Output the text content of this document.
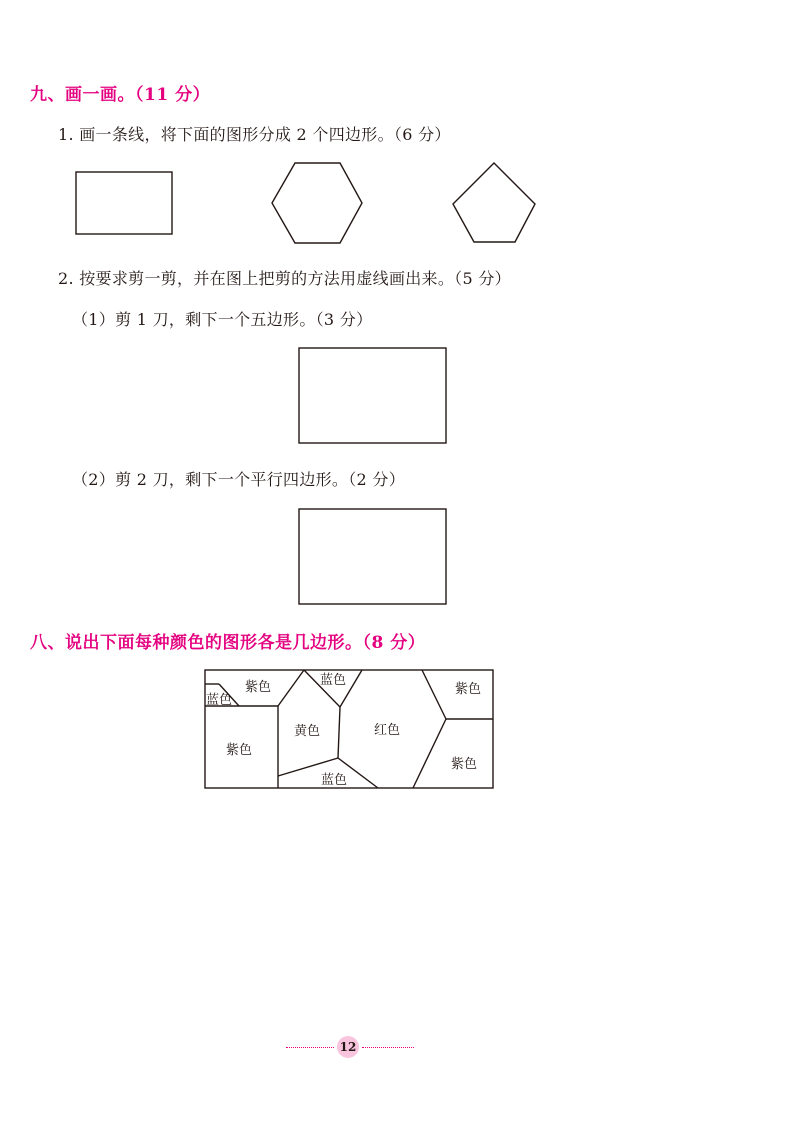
九、画一画。（11 分）
1. 画一条线，将下面的图形分成 2 个四边形。（6 分）
2. 按要求剪一剪，并在图上把剪的方法用虚线画出来。（5 分）
（1）剪 1 刀，剩下一个五边形。（3 分）
（2）剪 2 刀，剩下一个平行四边形。（2 分）
八、说出下面每种颜色的图形各是几边形。（8 分）
蓝色
紫色	蓝色
紫色
黄色	红色
紫色
蓝色
紫色
12
